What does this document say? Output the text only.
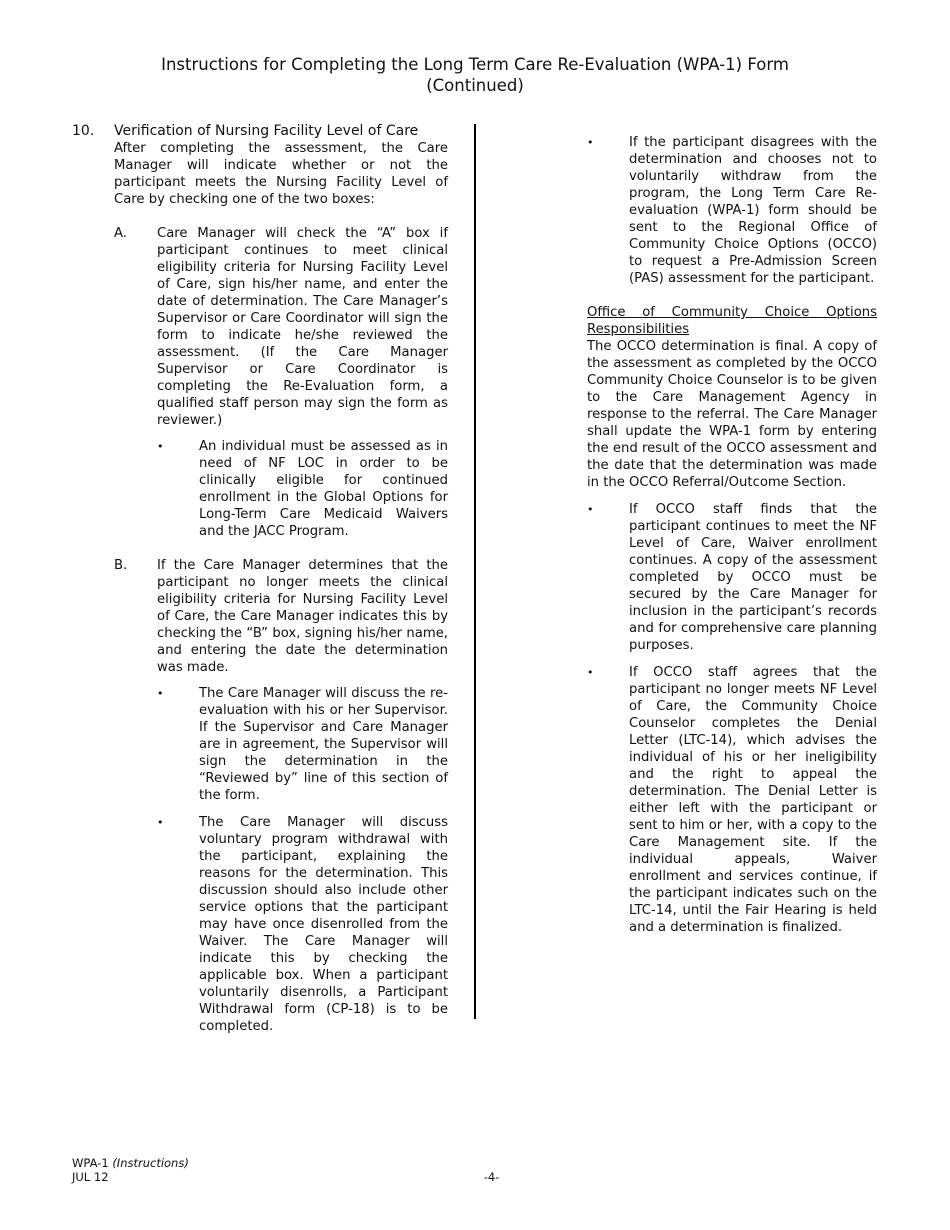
Instructions for Completing the Long Term Care Re-Evaluation (WPA-1) Form
(Continued)
10.	Verification of Nursing Facility Level of Care

After completing the assessment, the Care Manager will indicate whether or not the participant meets the Nursing Facility Level of Care by checking one of the two boxes:

A.	Care Manager will check the “A” box if participant continues to meet clinical eligibility criteria for Nursing Facility Level of Care, sign his/her name, and enter the date of determination. The Care Manager’s Supervisor or Care Coordinator will sign the form to indicate he/she reviewed the assessment. (If the Care Manager Supervisor or Care Coordinator is completing the Re-Evaluation form, a qualified staff person may sign the form as reviewer.)

•	An individual must be assessed as in need of NF LOC in order to be clinically eligible for continued enrollment in the Global Options for Long-Term Care Medicaid Waivers and the JACC Program.

B.	If the Care Manager determines that the participant no longer meets the clinical eligibility criteria for Nursing Facility Level of Care, the Care Manager indicates this by checking the “B” box, signing his/her name, and entering the date the determination was made.

•	The Care Manager will discuss the re-evaluation with his or her Supervisor. If the Supervisor and Care Manager are in agreement, the Supervisor will sign the determination in the “Reviewed by” line of this section of the form.

•	The Care Manager will discuss voluntary program withdrawal with the participant, explaining the reasons for the determination. This discussion should also include other service options that the participant may have once disenrolled from the Waiver. The Care Manager will indicate this by checking the applicable box. When a participant voluntarily disenrolls, a Participant Withdrawal form (CP-18) is to be completed.

•	If the participant disagrees with the determination and chooses not to voluntarily withdraw from the program, the Long Term Care Re-evaluation (WPA-1) form should be sent to the Regional Office of Community Choice Options (OCCO) to request a Pre-Admission Screen (PAS) assessment for the participant.

Office of Community Choice Options Responsibilities

The OCCO determination is final. A copy of the assessment as completed by the OCCO Community Choice Counselor is to be given to the Care Management Agency in response to the referral. The Care Manager shall update the WPA-1 form by entering the end result of the OCCO assessment and the date that the determination was made in the OCCO Referral/Outcome Section.

•	If OCCO staff finds that the participant continues to meet the NF Level of Care, Waiver enrollment continues. A copy of the assessment completed by OCCO must be secured by the Care Manager for inclusion in the participant’s records and for comprehensive care planning purposes.

•	If OCCO staff agrees that the participant no longer meets NF Level of Care, the Community Choice Counselor completes the Denial Letter (LTC-14), which advises the individual of his or her ineligibility and the right to appeal the determination. The Denial Letter is either left with the participant or sent to him or her, with a copy to the Care Management site. If the individual appeals, Waiver enrollment and services continue, if the participant indicates such on the LTC-14, until the Fair Hearing is held and a determination is finalized.

WPA-1 (Instructions)
JUL 12	-4-
